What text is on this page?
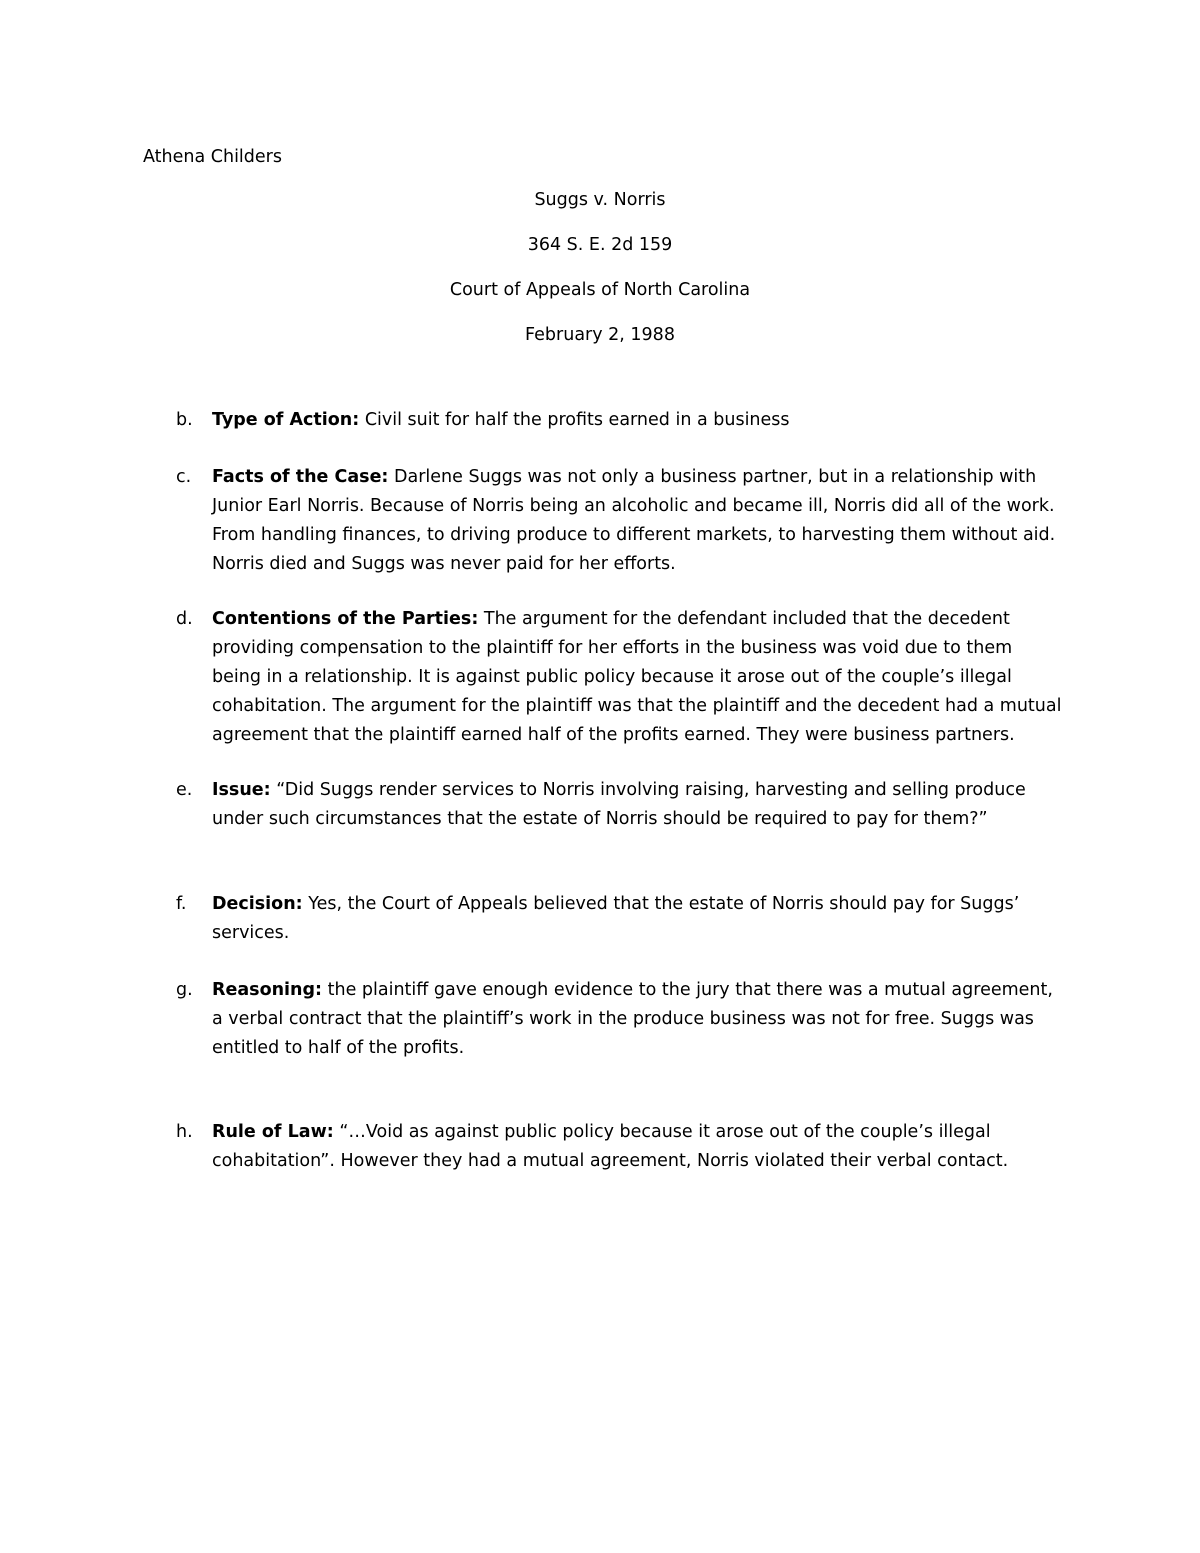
Athena Childers
Suggs v. Norris
364 S. E. 2d 159
Court of Appeals of North Carolina
February 2, 1988
b. Type of Action: Civil suit for half the profits earned in a business
c. Facts of the Case: Darlene Suggs was not only a business partner, but in a relationship with Junior Earl Norris. Because of Norris being an alcoholic and became ill, Norris did all of the work. From handling finances, to driving produce to different markets, to harvesting them without aid. Norris died and Suggs was never paid for her efforts.
d. Contentions of the Parties: The argument for the defendant included that the decedent providing compensation to the plaintiff for her efforts in the business was void due to them being in a relationship. It is against public policy because it arose out of the couple’s illegal cohabitation. The argument for the plaintiff was that the plaintiff and the decedent had a mutual agreement that the plaintiff earned half of the profits earned. They were business partners.
e. Issue: “Did Suggs render services to Norris involving raising, harvesting and selling produce under such circumstances that the estate of Norris should be required to pay for them?”
f. Decision: Yes, the Court of Appeals believed that the estate of Norris should pay for Suggs’ services.
g. Reasoning: the plaintiff gave enough evidence to the jury that there was a mutual agreement, a verbal contract that the plaintiff’s work in the produce business was not for free. Suggs was entitled to half of the profits.
h. Rule of Law: “…Void as against public policy because it arose out of the couple’s illegal cohabitation”. However they had a mutual agreement, Norris violated their verbal contact.
